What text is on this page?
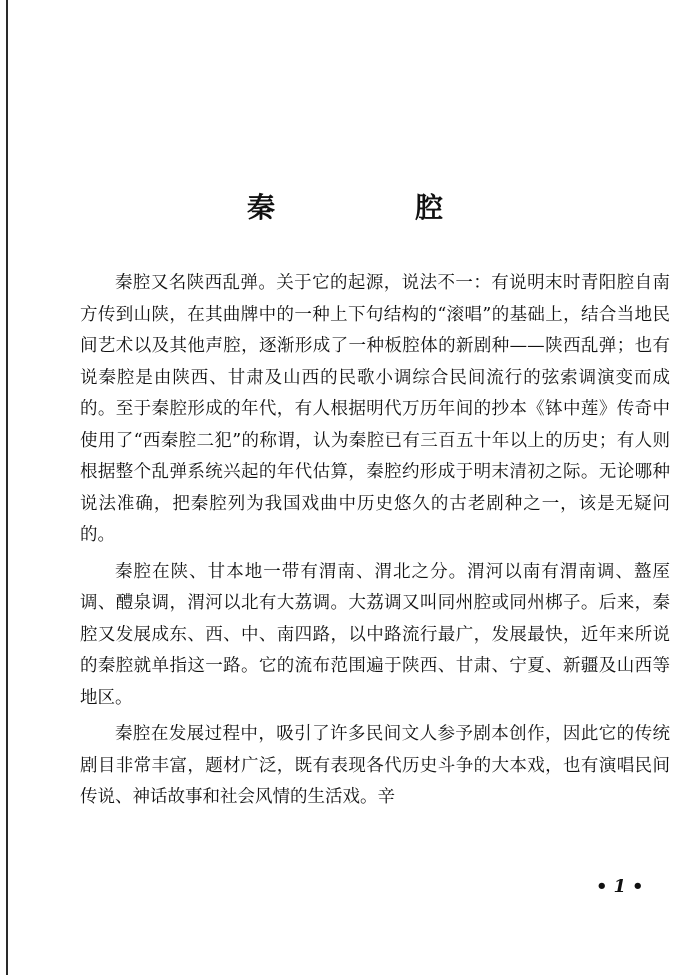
秦　腔

秦腔又名陕西乱弹。关于它的起源，说法不一：有说明末时青阳腔自南方传到山陕，在其曲牌中的一种上下句结构的“滚唱”的基础上，结合当地民间艺术以及其他声腔，逐渐形成了一种板腔体的新剧种——陕西乱弹；也有说秦腔是由陕西、甘肃及山西的民歌小调综合民间流行的弦索调演变而成的。至于秦腔形成的年代，有人根据明代万历年间的抄本《钵中莲》传奇中使用了“西秦腔二犯”的称谓，认为秦腔已有三百五十年以上的历史；有人则根据整个乱弹系统兴起的年代估算，秦腔约形成于明末清初之际。无论哪种说法准确，把秦腔列为我国戏曲中历史悠久的古老剧种之一，该是无疑问的。

秦腔在陕、甘本地一带有渭南、渭北之分。渭河以南有渭南调、盩厔调、醴泉调，渭河以北有大荔调。大荔调又叫同州腔或同州梆子。后来，秦腔又发展成东、西、中、南四路，以中路流行最广，发展最快，近年来所说的秦腔就单指这一路。它的流布范围遍于陕西、甘肃、宁夏、新疆及山西等地区。

秦腔在发展过程中，吸引了许多民间文人参予剧本创作，因此它的传统剧目非常丰富，题材广泛，既有表现各代历史斗争的大本戏，也有演唱民间传说、神话故事和社会风情的生活戏。辛

• 1 •
